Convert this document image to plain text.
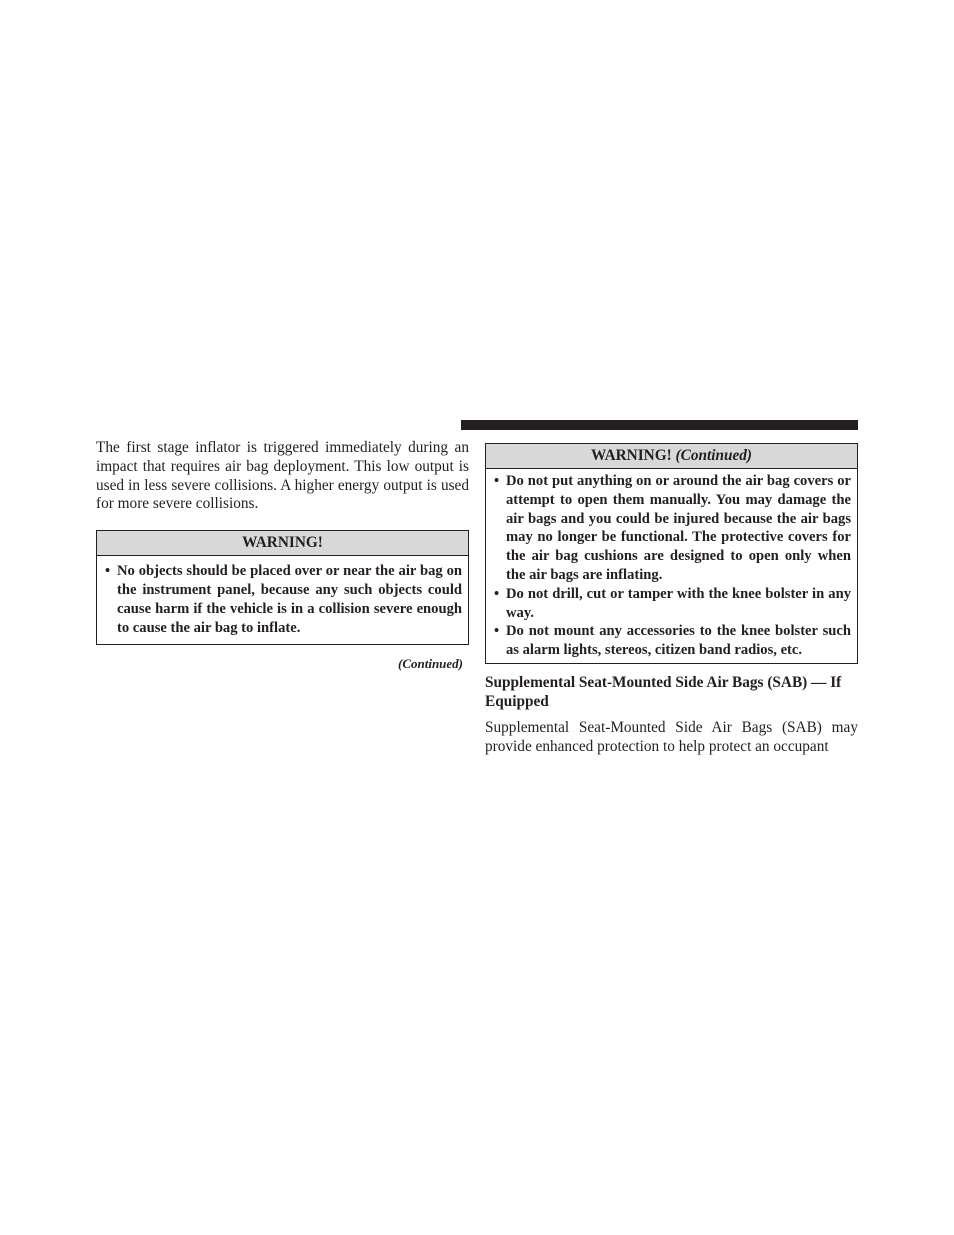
The first stage inflator is triggered immediately during an impact that requires air bag deployment. This low output is used in less severe collisions. A higher energy output is used for more severe collisions.

WARNING!
• No objects should be placed over or near the air bag on the instrument panel, because any such objects could cause harm if the vehicle is in a collision severe enough to cause the air bag to inflate.
(Continued)
WARNING! (Continued)
• Do not put anything on or around the air bag covers or attempt to open them manually. You may damage the air bags and you could be injured because the air bags may no longer be functional. The protective covers for the air bag cushions are designed to open only when the air bags are inflating.
• Do not drill, cut or tamper with the knee bolster in any way.
• Do not mount any accessories to the knee bolster such as alarm lights, stereos, citizen band radios, etc.

Supplemental Seat-Mounted Side Air Bags (SAB) — If Equipped

Supplemental Seat-Mounted Side Air Bags (SAB) may provide enhanced protection to help protect an occupant
